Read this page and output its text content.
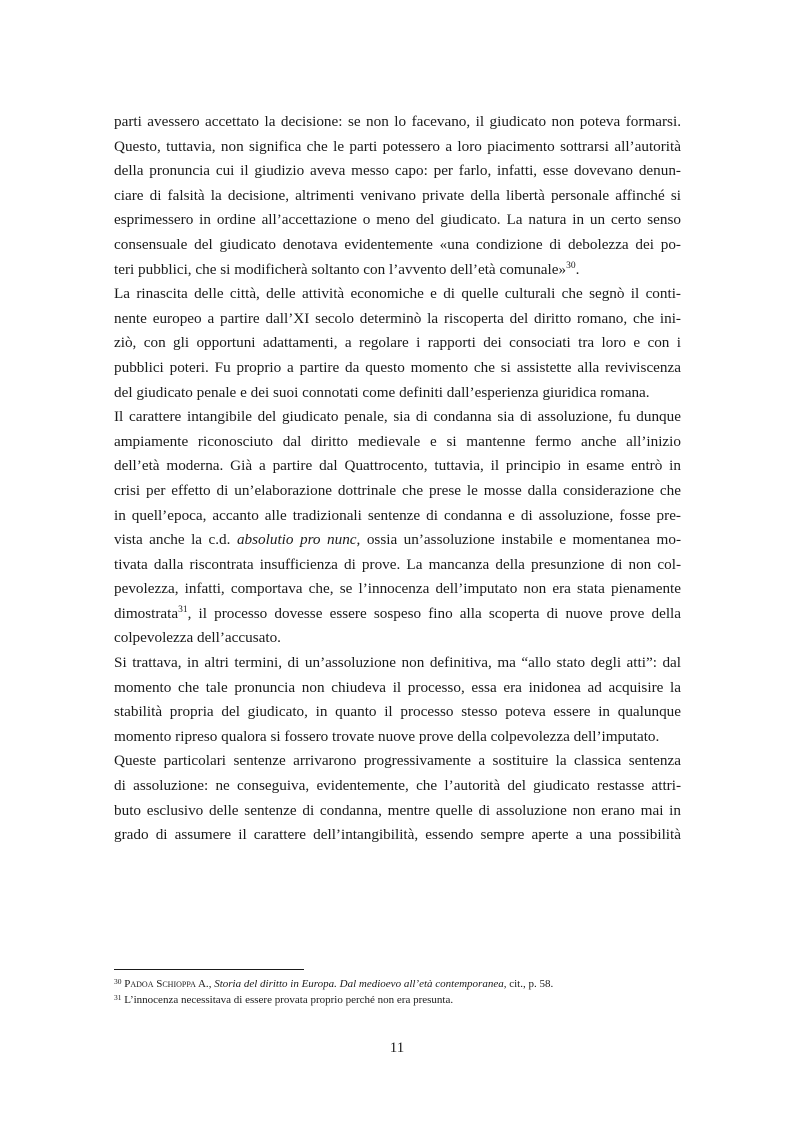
parti avessero accettato la decisione: se non lo facevano, il giudicato non poteva formarsi.
Questo, tuttavia, non significa che le parti potessero a loro piacimento sottrarsi all’autorità
della pronuncia cui il giudizio aveva messo capo: per farlo, infatti, esse dovevano denun-
ciare di falsità la decisione, altrimenti venivano private della libertà personale affinché si
esprimessero in ordine all’accettazione o meno del giudicato. La natura in un certo senso
consensuale del giudicato denotava evidentemente «una condizione di debolezza dei po-
teri pubblici, che si modificherà soltanto con l’avvento dell’età comunale»$^{30}$.
La rinascita delle città, delle attività economiche e di quelle culturali che segnò il conti-
nente europeo a partire dall’XI secolo determinò la riscoperta del diritto romano, che ini-
ziò, con gli opportuni adattamenti, a regolare i rapporti dei consociati tra loro e con i
pubblici poteri. Fu proprio a partire da questo momento che si assistette alla reviviscenza
del giudicato penale e dei suoi connotati come definiti dall’esperienza giuridica romana.
Il carattere intangibile del giudicato penale, sia di condanna sia di assoluzione, fu dunque
ampiamente riconosciuto dal diritto medievale e si mantenne fermo anche all’inizio
dell’età moderna. Già a partire dal Quattrocento, tuttavia, il principio in esame entrò in
crisi per effetto di un’elaborazione dottrinale che prese le mosse dalla considerazione che
in quell’epoca, accanto alle tradizionali sentenze di condanna e di assoluzione, fosse pre-
vista anche la c.d. absolutio pro nunc, ossia un’assoluzione instabile e momentanea mo-
tivata dalla riscontrata insufficienza di prove. La mancanza della presunzione di non col-
pevolezza, infatti, comportava che, se l’innocenza dell’imputato non era stata pienamente
dimostrata$^{31}$, il processo dovesse essere sospeso fino alla scoperta di nuove prove della
colpevolezza dell’accusato.
Si trattava, in altri termini, di un’assoluzione non definitiva, ma “allo stato degli atti”: dal
momento che tale pronuncia non chiudeva il processo, essa era inidonea ad acquisire la
stabilità propria del giudicato, in quanto il processo stesso poteva essere in qualunque
momento ripreso qualora si fossero trovate nuove prove della colpevolezza dell’imputato.
Queste particolari sentenze arrivarono progressivamente a sostituire la classica sentenza
di assoluzione: ne conseguiva, evidentemente, che l’autorità del giudicato restasse attri-
buto esclusivo delle sentenze di condanna, mentre quelle di assoluzione non erano mai in
grado di assumere il carattere dell’intangibilità, essendo sempre aperte a una possibilità
$^{30}$ Padoa Schioppa A., Storia del diritto in Europa. Dal medioevo all’età contemporanea, cit., p. 58.
$^{31}$ L’innocenza necessitava di essere provata proprio perché non era presunta.
11
